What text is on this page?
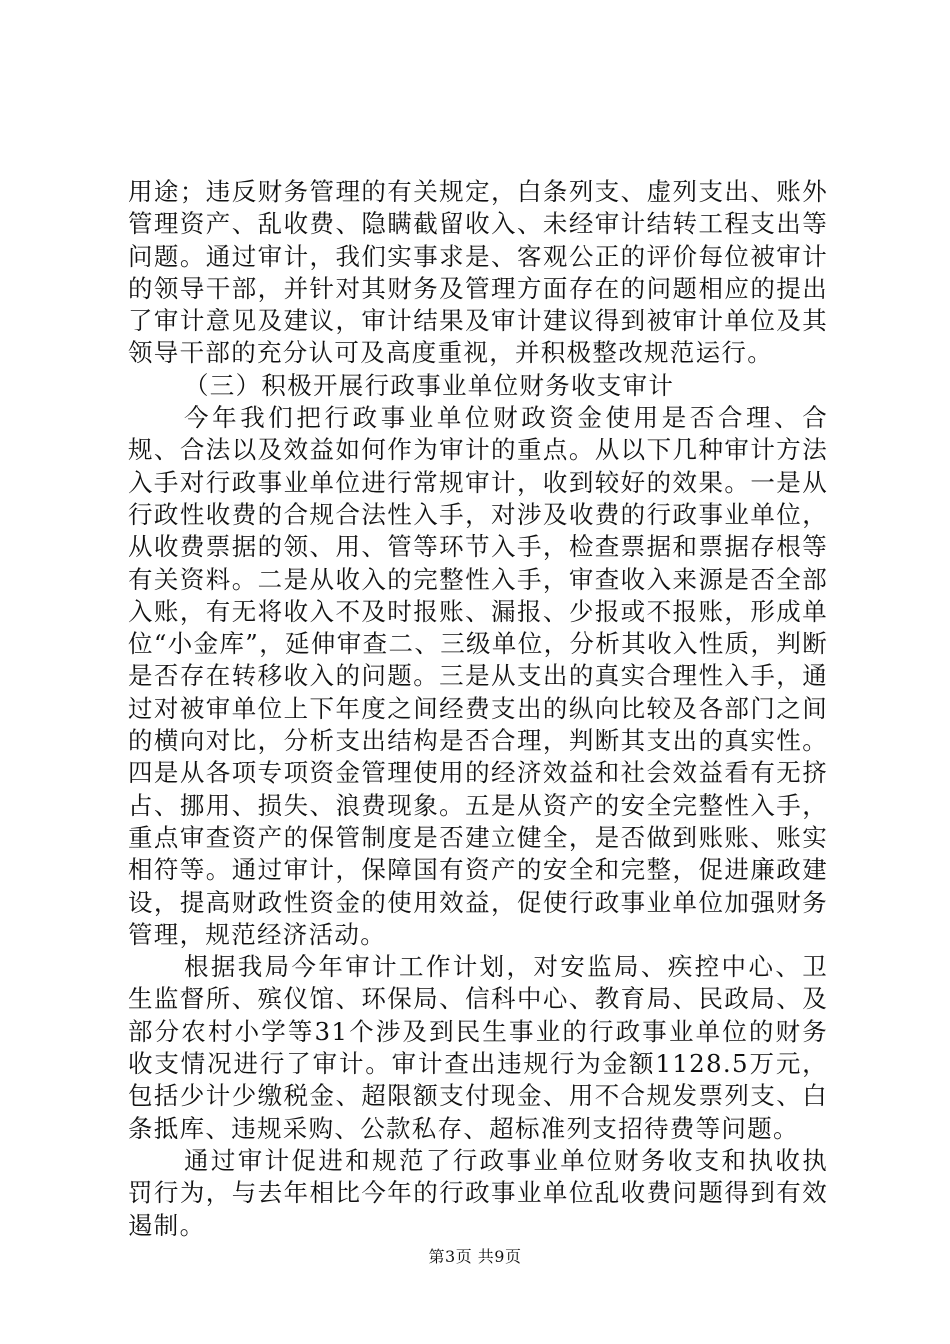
用途；违反财务管理的有关规定，白条列支、虚列支出、账外管理资产、乱收费、隐瞒截留收入、未经审计结转工程支出等问题。通过审计，我们实事求是、客观公正的评价每位被审计的领导干部，并针对其财务及管理方面存在的问题相应的提出了审计意见及建议，审计结果及审计建议得到被审计单位及其领导干部的充分认可及高度重视，并积极整改规范运行。

（三）积极开展行政事业单位财务收支审计

今年我们把行政事业单位财政资金使用是否合理、合规、合法以及效益如何作为审计的重点。从以下几种审计方法入手对行政事业单位进行常规审计，收到较好的效果。一是从行政性收费的合规合法性入手，对涉及收费的行政事业单位，从收费票据的领、用、管等环节入手，检查票据和票据存根等有关资料。二是从收入的完整性入手，审查收入来源是否全部入账，有无将收入不及时报账、漏报、少报或不报账，形成单位“小金库”，延伸审查二、三级单位，分析其收入性质，判断是否存在转移收入的问题。三是从支出的真实合理性入手，通过对被审单位上下年度之间经费支出的纵向比较及各部门之间的横向对比，分析支出结构是否合理，判断其支出的真实性。四是从各项专项资金管理使用的经济效益和社会效益看有无挤占、挪用、损失、浪费现象。五是从资产的安全完整性入手，重点审查资产的保管制度是否建立健全，是否做到账账、账实相符等。通过审计，保障国有资产的安全和完整，促进廉政建设，提高财政性资金的使用效益，促使行政事业单位加强财务管理，规范经济活动。

根据我局今年审计工作计划，对安监局、疾控中心、卫生监督所、殡仪馆、环保局、信科中心、教育局、民政局、及部分农村小学等31个涉及到民生事业的行政事业单位的财务收支情况进行了审计。审计查出违规行为金额1128.5万元，包括少计少缴税金、超限额支付现金、用不合规发票列支、白条抵库、违规采购、公款私存、超标准列支招待费等问题。

通过审计促进和规范了行政事业单位财务收支和执收执罚行为，与去年相比今年的行政事业单位乱收费问题得到有效遏制。

第3页 共9页
